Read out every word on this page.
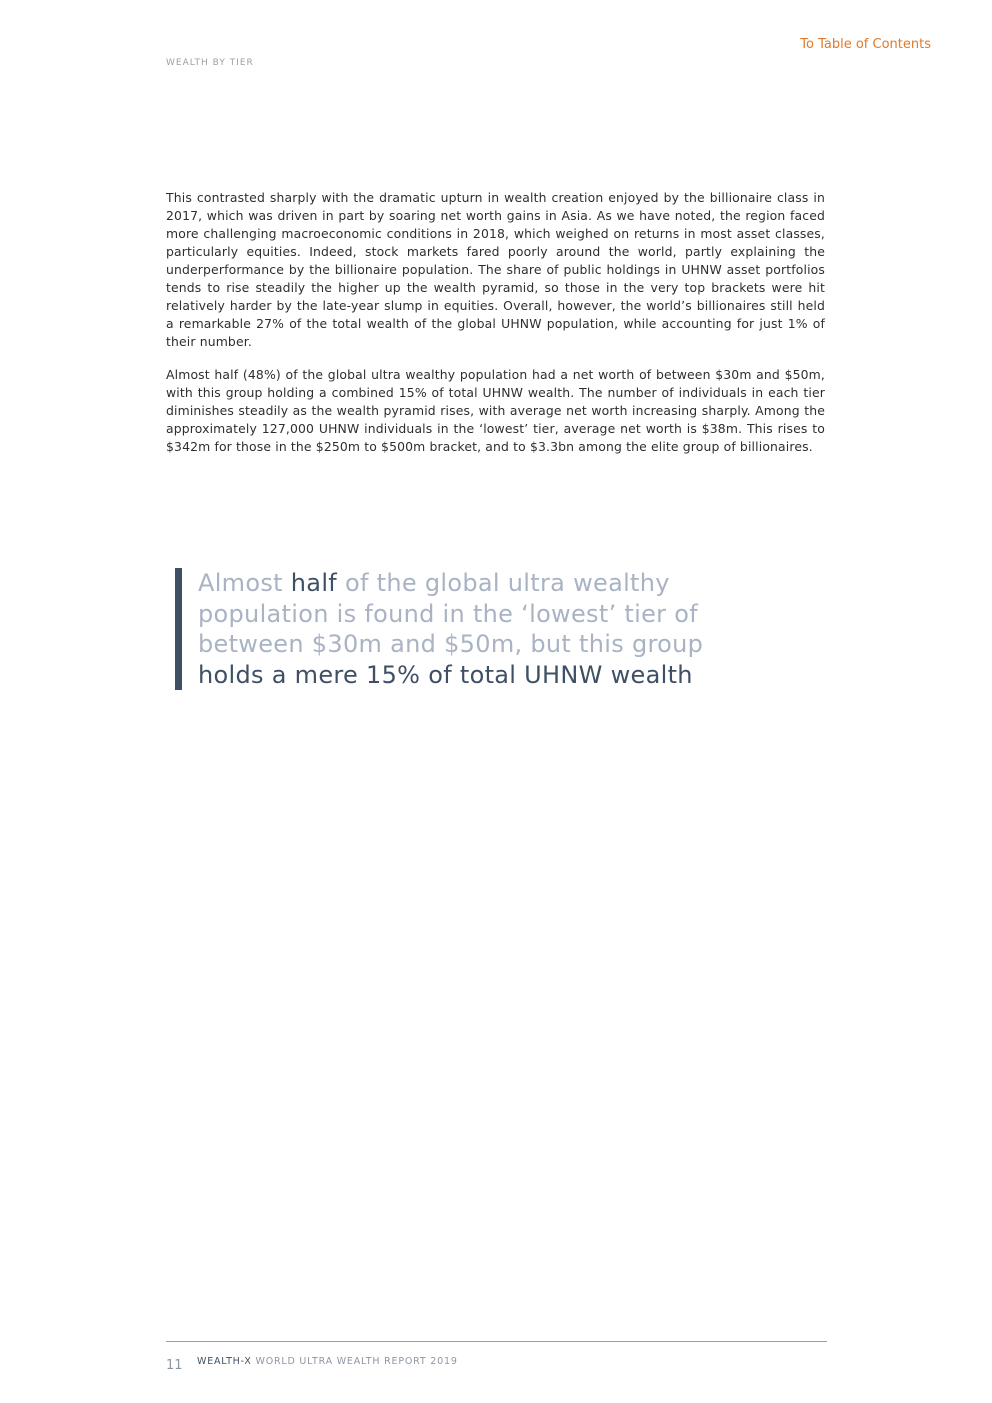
To Table of Contents
WEALTH BY TIER

This contrasted sharply with the dramatic upturn in wealth creation enjoyed by the billionaire class in 2017, which was driven in part by soaring net worth gains in Asia. As we have noted, the region faced more challenging macroeconomic conditions in 2018, which weighed on returns in most asset classes, particularly equities. Indeed, stock markets fared poorly around the world, partly explaining the underperformance by the billionaire population. The share of public holdings in UHNW asset portfolios tends to rise steadily the higher up the wealth pyramid, so those in the very top brackets were hit relatively harder by the late-year slump in equities. Overall, however, the world’s billionaires still held a remarkable 27% of the total wealth of the global UHNW population, while accounting for just 1% of their number.

Almost half (48%) of the global ultra wealthy population had a net worth of between $30m and $50m, with this group holding a combined 15% of total UHNW wealth. The number of individuals in each tier diminishes steadily as the wealth pyramid rises, with average net worth increasing sharply. Among the approximately 127,000 UHNW individuals in the ‘lowest’ tier, average net worth is $38m. This rises to $342m for those in the $250m to $500m bracket, and to $3.3bn among the elite group of billionaires.

Almost half of the global ultra wealthy population is found in the ‘lowest’ tier of between $30m and $50m, but this group holds a mere 15% of total UHNW wealth
11 WEALTH-X WORLD ULTRA WEALTH REPORT 2019
